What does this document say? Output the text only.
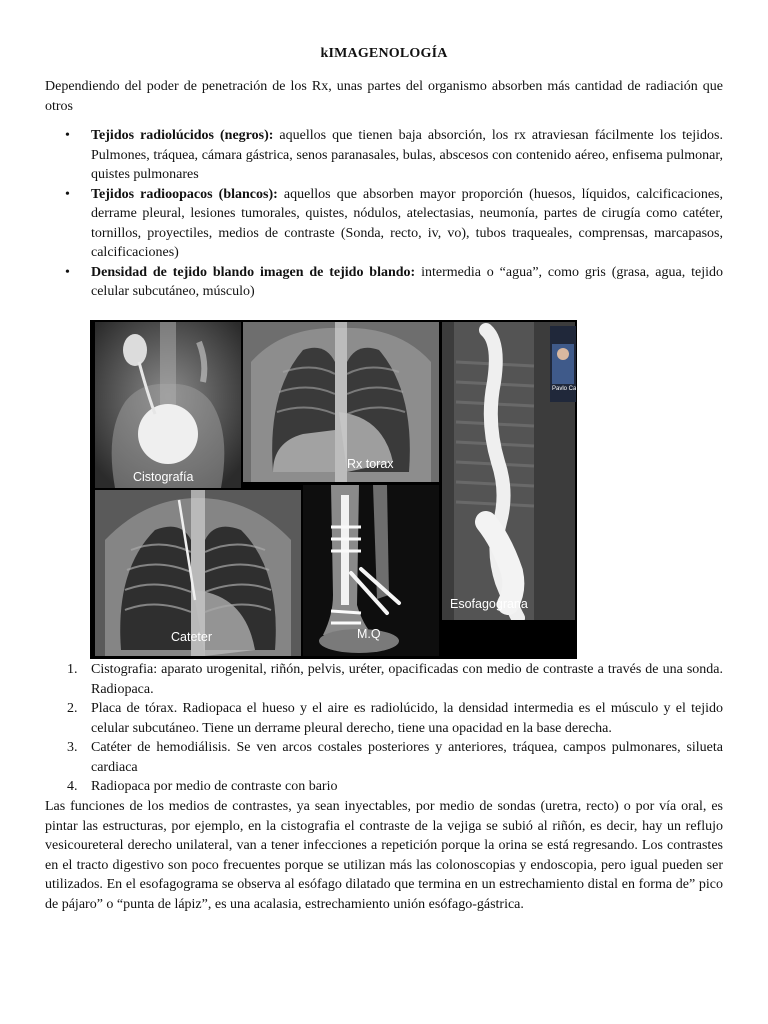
kIMAGENOLOGÍA
Dependiendo del poder de penetración de los Rx, unas partes del organismo absorben más cantidad de radiación que otros
• Tejidos radiolúcidos (negros): aquellos que tienen baja absorción, los rx atraviesan fácilmente los tejidos. Pulmones, tráquea, cámara gástrica, senos paranasales, bulas, abscesos con contenido aéreo, enfisema pulmonar, quistes pulmonares
• Tejidos radioopacos (blancos): aquellos que absorben mayor proporción (huesos, líquidos, calcificaciones, derrame pleural, lesiones tumorales, quistes, nódulos, atelectasias, neumonía, partes de cirugía como catéter, tornillos, proyectiles, medios de contraste (Sonda, recto, iv, vo), tubos traqueales, comprensas, marcapasos, calcificaciones)
• Densidad de tejido blando imagen de tejido blando: intermedia o “agua”, como gris (grasa, agua, tejido celular subcutáneo, músculo)
Cistografía
Rx torax
Esofagograna
Pavlo Ca
Cateter	M.Q
1. Cistografia: aparato urogenital, riñón, pelvis, uréter, opacificadas con medio de contraste a través de una sonda. Radiopaca.
2. Placa de tórax. Radiopaca el hueso y el aire es radiolúcido, la densidad intermedia es el músculo y el tejido celular subcutáneo. Tiene un derrame pleural derecho, tiene una opacidad en la base derecha.
3. Catéter de hemodiálisis. Se ven arcos costales posteriores y anteriores, tráquea, campos pulmonares, silueta cardiaca
4. Radiopaca por medio de contraste con bario
Las funciones de los medios de contrastes, ya sean inyectables, por medio de sondas (uretra, recto) o por vía oral, es pintar las estructuras, por ejemplo, en la cistografia el contraste de la vejiga se subió al riñón, es decir, hay un reflujo vesicoureteral derecho unilateral, van a tener infecciones a repetición porque la orina se está regresando. Los contrastes en el tracto digestivo son poco frecuentes porque se utilizan más las colonoscopias y endoscopia, pero igual pueden ser utilizados. En el esofagograma se observa al esófago dilatado que termina en un estrechamiento distal en forma de” pico de pájaro” o “punta de lápiz”, es una acalasia, estrechamiento unión esófago-gástrica.
